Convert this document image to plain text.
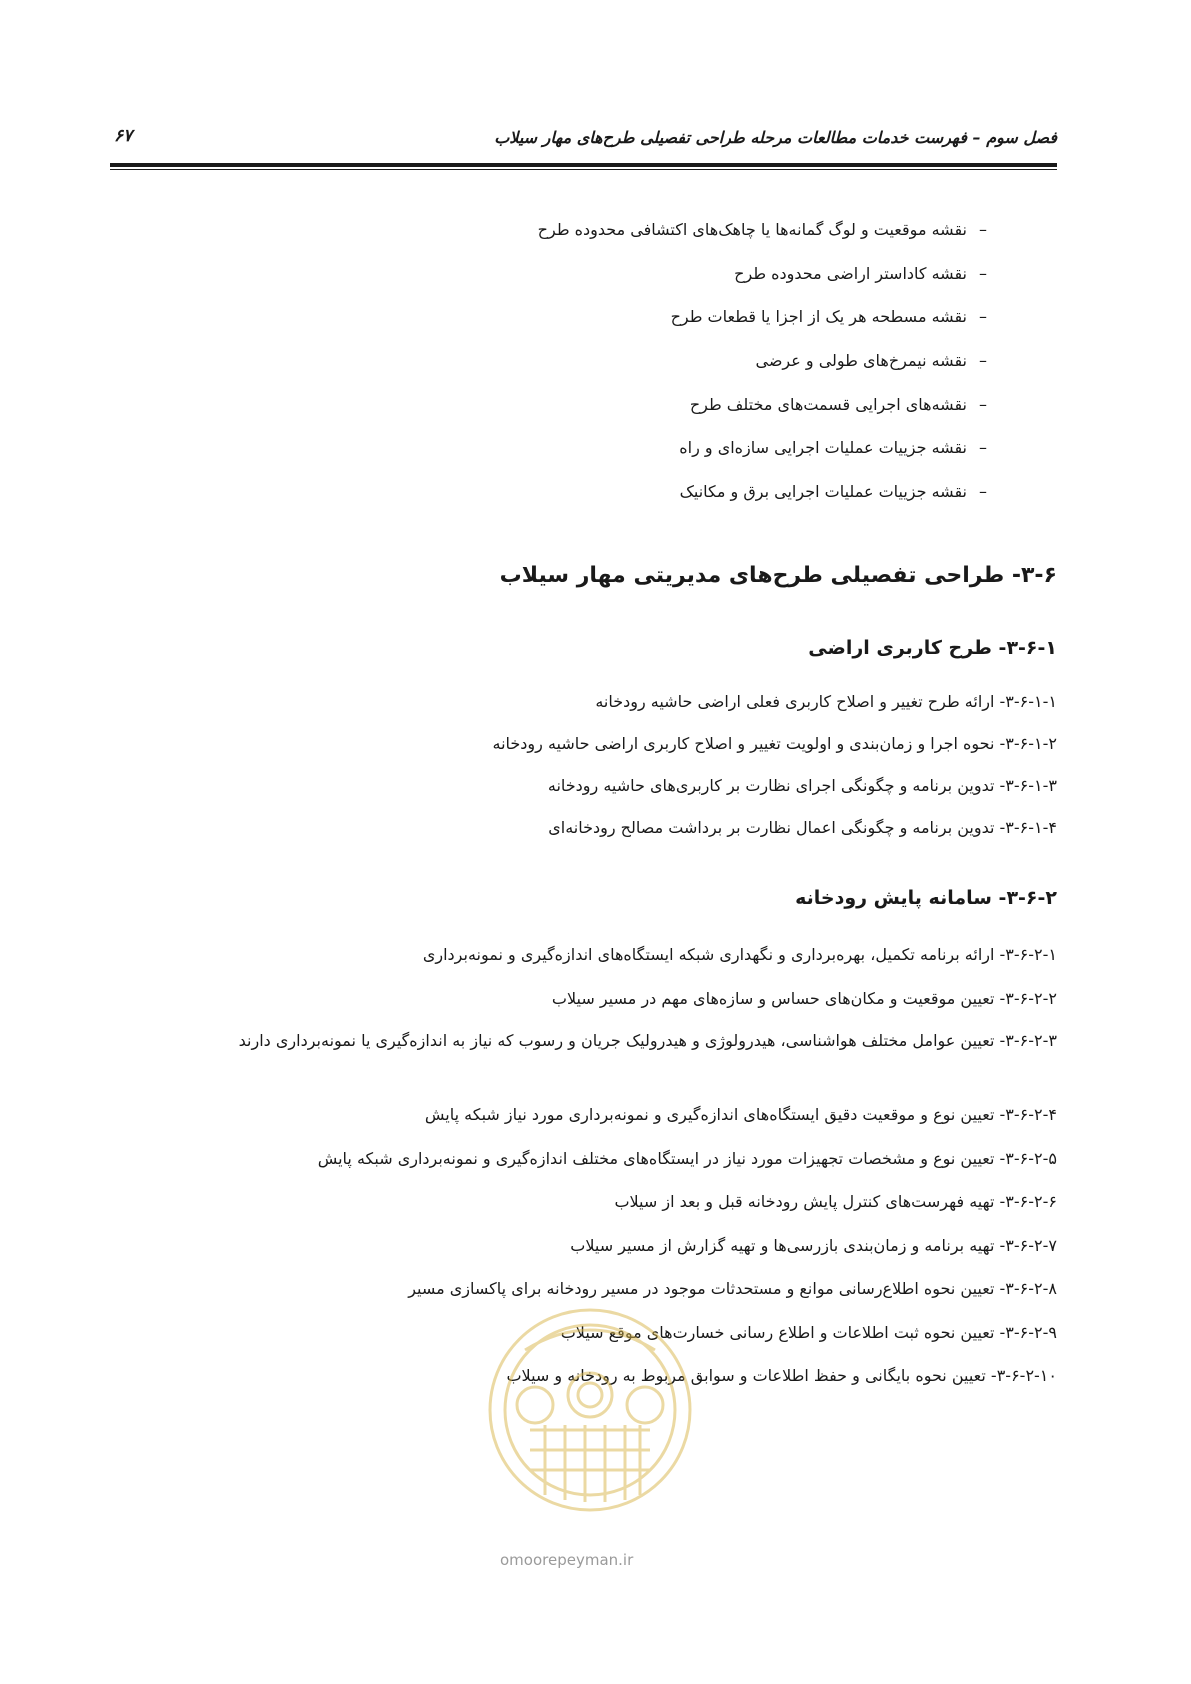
فصل سوم – فهرست خدمات مطالعات مرحله طراحی تفصیلی طرح‌های مهار سیلاب
۶۷
–نقشه موقعیت و لوگ گمانه‌ها یا چاهک‌های اکتشافی محدوده طرح
–نقشه کاداستر اراضی محدوده طرح
–نقشه مسطحه هر یک از اجزا یا قطعات طرح
–نقشه نیمرخ‌های طولی و عرضی
–نقشه‌های اجرایی قسمت‌های مختلف طرح
–نقشه جزییات عملیات اجرایی سازه‌ای و راه
–نقشه جزییات عملیات اجرایی برق و مکانیک
۳-۶- طراحی تفصیلی طرح‌های مدیریتی مهار سیلاب
۳-۶-۱- طرح کاربری اراضی
۳-۶-۱-۱- ارائه طرح تغییر و اصلاح کاربری فعلی اراضی حاشیه رودخانه
۳-۶-۱-۲- نحوه اجرا و زمان‌بندی و اولویت تغییر و اصلاح کاربری اراضی حاشیه رودخانه
۳-۶-۱-۳- تدوین برنامه و چگونگی اجرای نظارت بر کاربری‌های حاشیه رودخانه
۳-۶-۱-۴- تدوین برنامه و چگونگی اعمال نظارت بر برداشت مصالح رودخانه‌ای
۳-۶-۲- سامانه پایش رودخانه
۳-۶-۲-۱- ارائه برنامه تکمیل، بهره‌برداری و نگهداری شبکه ایستگاه‌های اندازه‌گیری و نمونه‌برداری
۳-۶-۲-۲- تعیین موقعیت و مکان‌های حساس و سازه‌های مهم در مسیر سیلاب
۳-۶-۲-۳- تعیین عوامل مختلف هواشناسی، هیدرولوژی و هیدرولیک جریان و رسوب که نیاز به اندازه‌گیری یا نمونه‌برداری دارند
۳-۶-۲-۴- تعیین نوع و موقعیت دقیق ایستگاه‌های اندازه‌گیری و نمونه‌برداری مورد نیاز شبکه پایش
۳-۶-۲-۵- تعیین نوع و مشخصات تجهیزات مورد نیاز در ایستگاه‌های مختلف اندازه‌گیری و نمونه‌برداری شبکه پایش
۳-۶-۲-۶- تهیه فهرست‌های کنترل پایش رودخانه قبل و بعد از سیلاب
۳-۶-۲-۷- تهیه برنامه و زمان‌بندی بازرسی‌ها و تهیه گزارش از مسیر سیلاب
۳-۶-۲-۸- تعیین نحوه اطلاع‌رسانی موانع و مستحدثات موجود در مسیر رودخانه برای پاکسازی مسیر
۳-۶-۲-۹- تعیین نحوه ثبت اطلاعات و اطلاع رسانی خسارت‌های موقع سیلاب
۳-۶-۲-۱۰- تعیین نحوه بایگانی و حفظ اطلاعات و سوابق مربوط به رودخانه و سیلاب
omoorepeyman.ir
